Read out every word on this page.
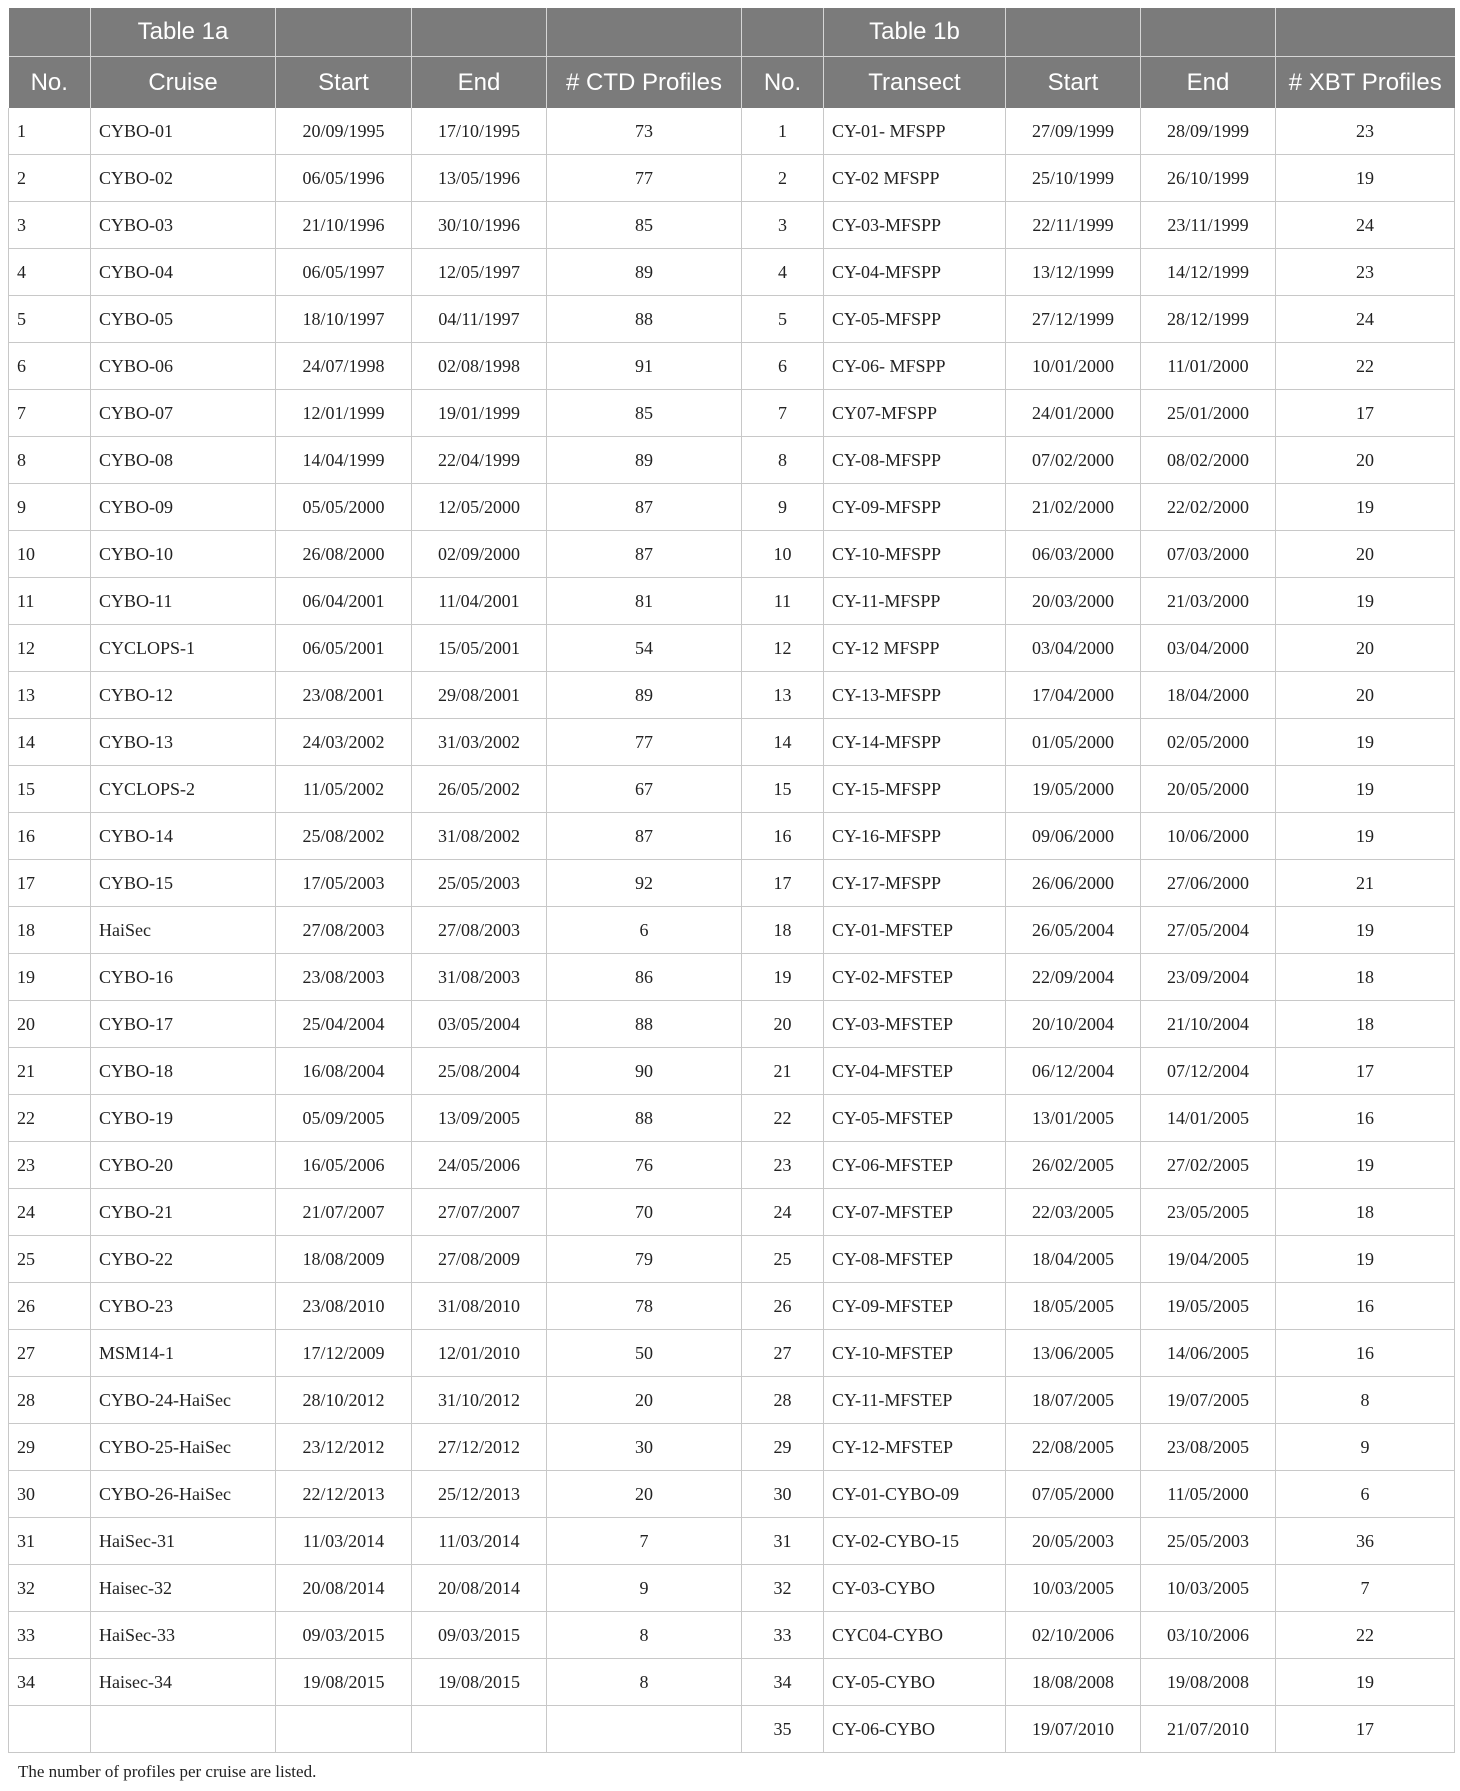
	Table 1a					Table 1b			
No.	Cruise	Start	End	# CTD Profiles	No.	Transect	Start	End	# XBT Profiles
1	CYBO-01	20/09/1995	17/10/1995	73	1	CY-01- MFSPP	27/09/1999	28/09/1999	23
2	CYBO-02	06/05/1996	13/05/1996	77	2	CY-02 MFSPP	25/10/1999	26/10/1999	19
3	CYBO-03	21/10/1996	30/10/1996	85	3	CY-03-MFSPP	22/11/1999	23/11/1999	24
4	CYBO-04	06/05/1997	12/05/1997	89	4	CY-04-MFSPP	13/12/1999	14/12/1999	23
5	CYBO-05	18/10/1997	04/11/1997	88	5	CY-05-MFSPP	27/12/1999	28/12/1999	24
6	CYBO-06	24/07/1998	02/08/1998	91	6	CY-06- MFSPP	10/01/2000	11/01/2000	22
7	CYBO-07	12/01/1999	19/01/1999	85	7	CY07-MFSPP	24/01/2000	25/01/2000	17
8	CYBO-08	14/04/1999	22/04/1999	89	8	CY-08-MFSPP	07/02/2000	08/02/2000	20
9	CYBO-09	05/05/2000	12/05/2000	87	9	CY-09-MFSPP	21/02/2000	22/02/2000	19
10	CYBO-10	26/08/2000	02/09/2000	87	10	CY-10-MFSPP	06/03/2000	07/03/2000	20
11	CYBO-11	06/04/2001	11/04/2001	81	11	CY-11-MFSPP	20/03/2000	21/03/2000	19
12	CYCLOPS-1	06/05/2001	15/05/2001	54	12	CY-12 MFSPP	03/04/2000	03/04/2000	20
13	CYBO-12	23/08/2001	29/08/2001	89	13	CY-13-MFSPP	17/04/2000	18/04/2000	20
14	CYBO-13	24/03/2002	31/03/2002	77	14	CY-14-MFSPP	01/05/2000	02/05/2000	19
15	CYCLOPS-2	11/05/2002	26/05/2002	67	15	CY-15-MFSPP	19/05/2000	20/05/2000	19
16	CYBO-14	25/08/2002	31/08/2002	87	16	CY-16-MFSPP	09/06/2000	10/06/2000	19
17	CYBO-15	17/05/2003	25/05/2003	92	17	CY-17-MFSPP	26/06/2000	27/06/2000	21
18	HaiSec	27/08/2003	27/08/2003	6	18	CY-01-MFSTEP	26/05/2004	27/05/2004	19
19	CYBO-16	23/08/2003	31/08/2003	86	19	CY-02-MFSTEP	22/09/2004	23/09/2004	18
20	CYBO-17	25/04/2004	03/05/2004	88	20	CY-03-MFSTEP	20/10/2004	21/10/2004	18
21	CYBO-18	16/08/2004	25/08/2004	90	21	CY-04-MFSTEP	06/12/2004	07/12/2004	17
22	CYBO-19	05/09/2005	13/09/2005	88	22	CY-05-MFSTEP	13/01/2005	14/01/2005	16
23	CYBO-20	16/05/2006	24/05/2006	76	23	CY-06-MFSTEP	26/02/2005	27/02/2005	19
24	CYBO-21	21/07/2007	27/07/2007	70	24	CY-07-MFSTEP	22/03/2005	23/05/2005	18
25	CYBO-22	18/08/2009	27/08/2009	79	25	CY-08-MFSTEP	18/04/2005	19/04/2005	19
26	CYBO-23	23/08/2010	31/08/2010	78	26	CY-09-MFSTEP	18/05/2005	19/05/2005	16
27	MSM14-1	17/12/2009	12/01/2010	50	27	CY-10-MFSTEP	13/06/2005	14/06/2005	16
28	CYBO-24-HaiSec	28/10/2012	31/10/2012	20	28	CY-11-MFSTEP	18/07/2005	19/07/2005	8
29	CYBO-25-HaiSec	23/12/2012	27/12/2012	30	29	CY-12-MFSTEP	22/08/2005	23/08/2005	9
30	CYBO-26-HaiSec	22/12/2013	25/12/2013	20	30	CY-01-CYBO-09	07/05/2000	11/05/2000	6
31	HaiSec-31	11/03/2014	11/03/2014	7	31	CY-02-CYBO-15	20/05/2003	25/05/2003	36
32	Haisec-32	20/08/2014	20/08/2014	9	32	CY-03-CYBO	10/03/2005	10/03/2005	7
33	HaiSec-33	09/03/2015	09/03/2015	8	33	CYC04-CYBO	02/10/2006	03/10/2006	22
34	Haisec-34	19/08/2015	19/08/2015	8	34	CY-05-CYBO	18/08/2008	19/08/2008	19
					35	CY-06-CYBO	19/07/2010	21/07/2010	17
The number of profiles per cruise are listed.
